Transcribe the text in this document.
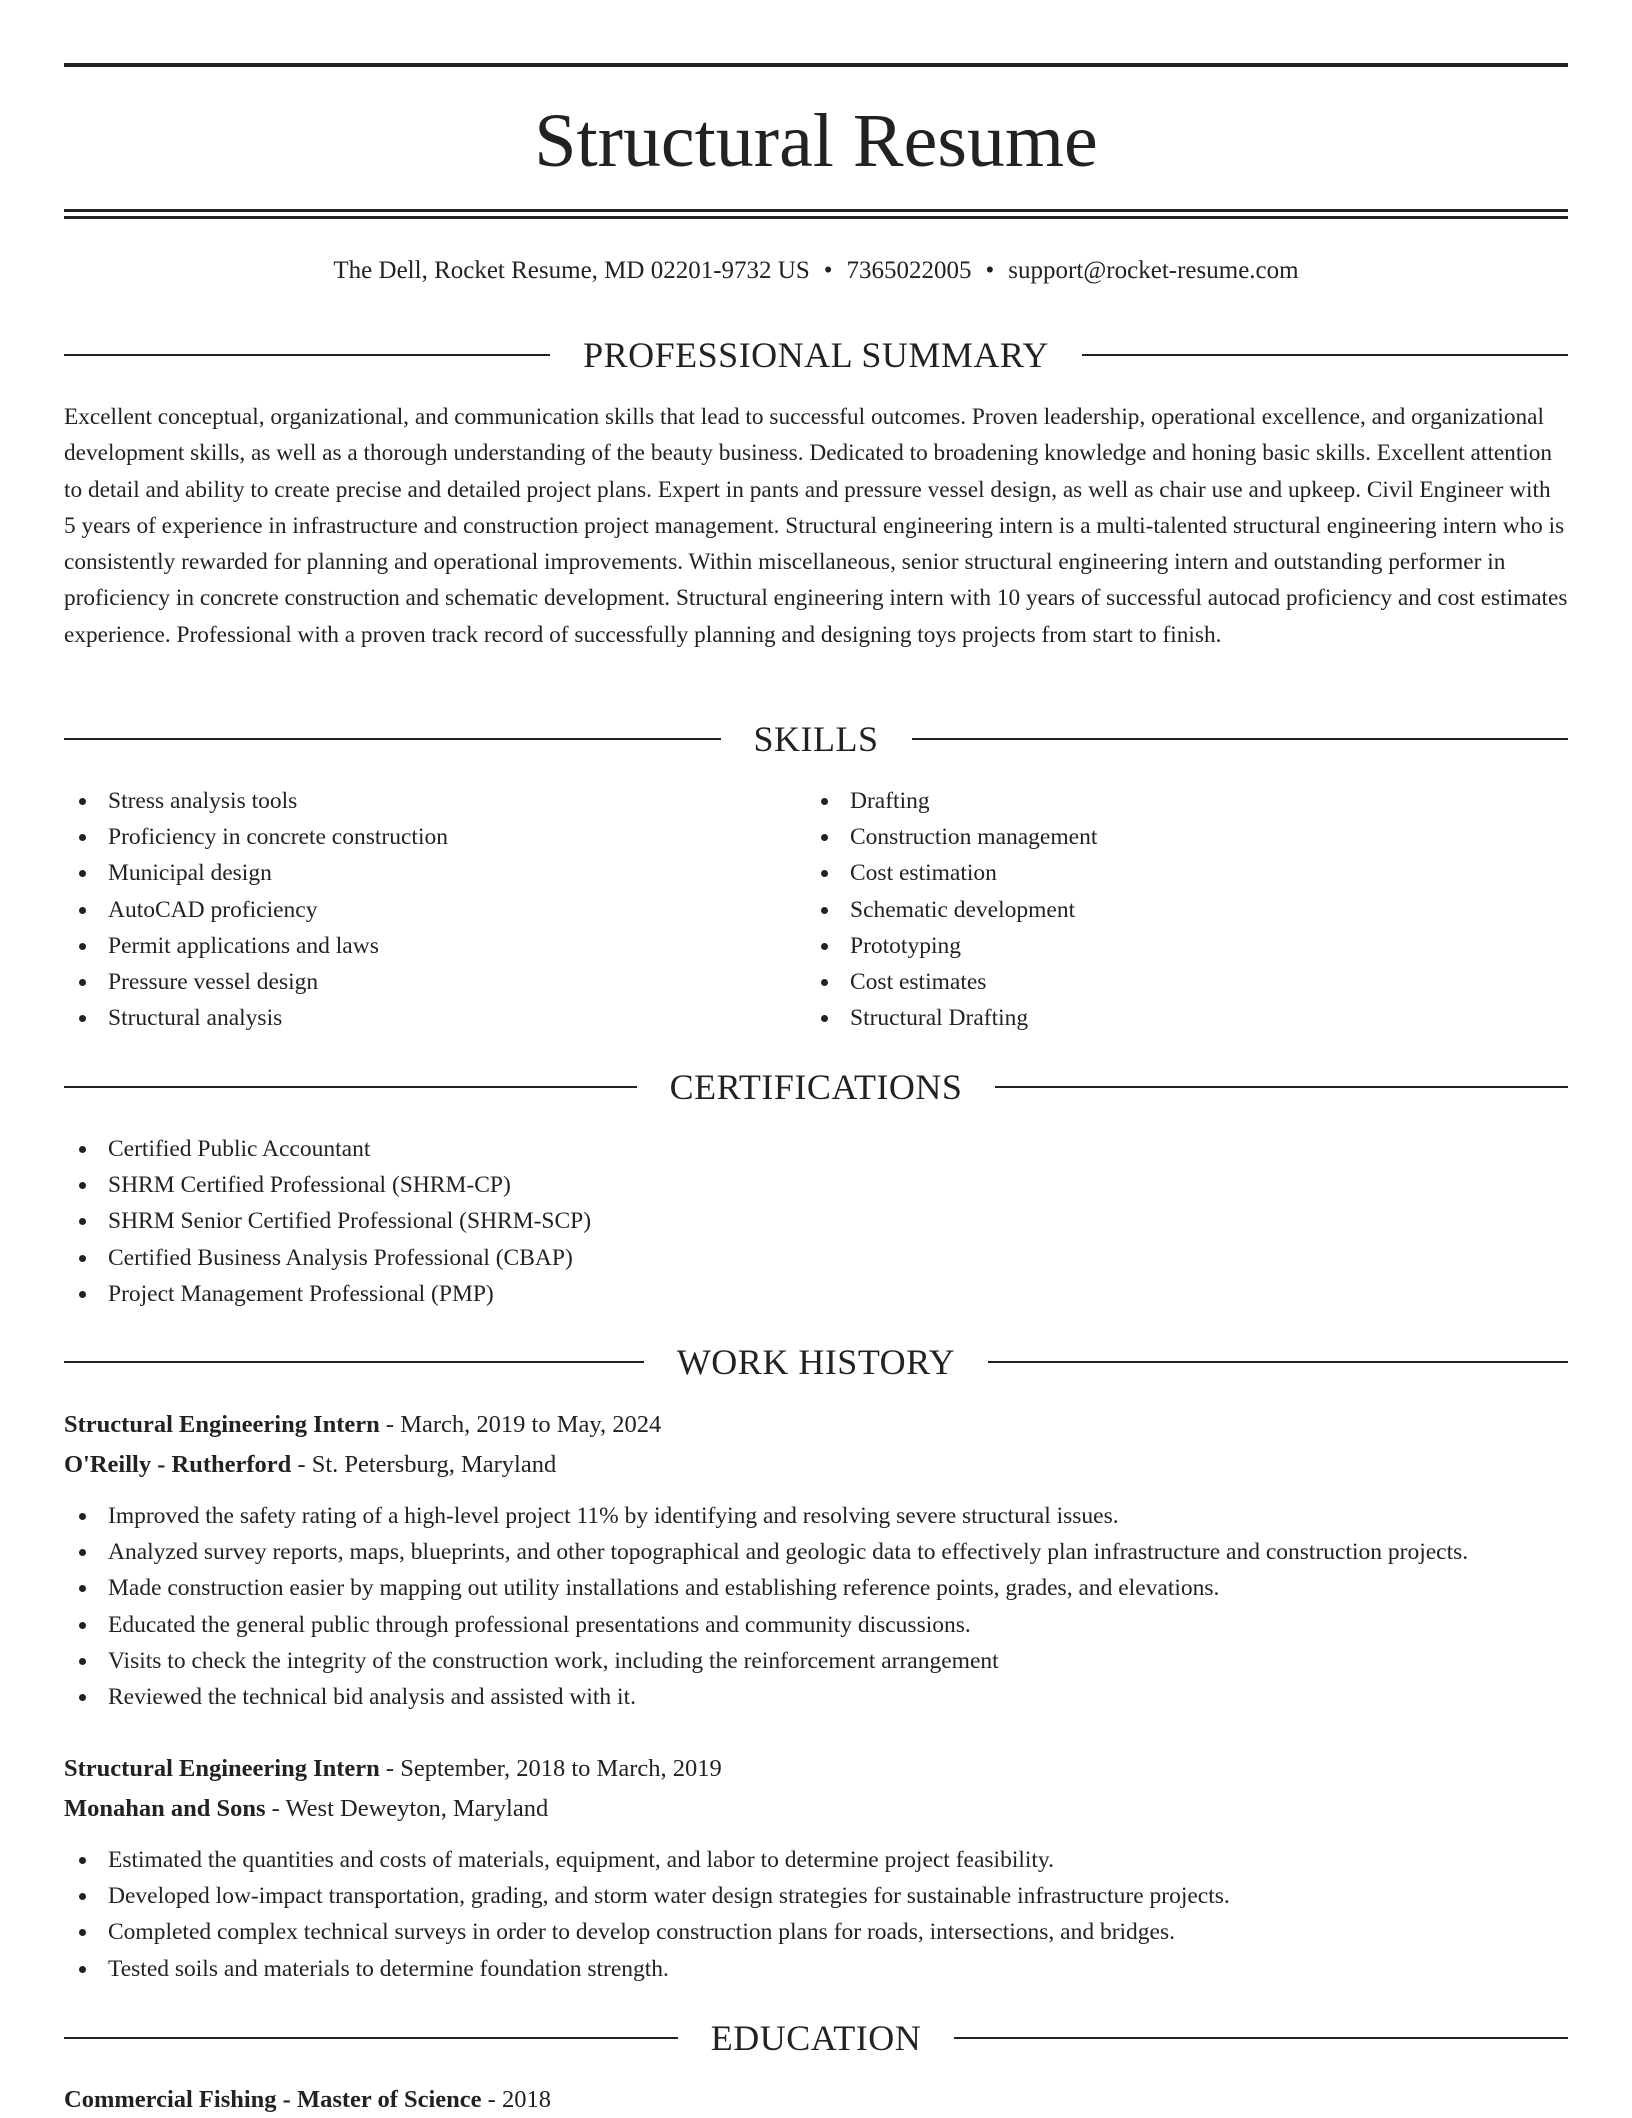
Structural Resume
The Dell, Rocket Resume, MD 02201-9732 US • 7365022005 • support@rocket-resume.com
PROFESSIONAL SUMMARY

Excellent conceptual, organizational, and communication skills that lead to successful outcomes. Proven leadership, operational excellence, and organizational development skills, as well as a thorough understanding of the beauty business. Dedicated to broadening knowledge and honing basic skills. Excellent attention to detail and ability to create precise and detailed project plans. Expert in pants and pressure vessel design, as well as chair use and upkeep. Civil Engineer with 5 years of experience in infrastructure and construction project management. Structural engineering intern is a multi-talented structural engineering intern who is consistently rewarded for planning and operational improvements. Within miscellaneous, senior structural engineering intern and outstanding performer in proficiency in concrete construction and schematic development. Structural engineering intern with 10 years of successful autocad proficiency and cost estimates experience. Professional with a proven track record of successfully planning and designing toys projects from start to finish.

SKILLS
Stress analysis tools
Proficiency in concrete construction
Municipal design
AutoCAD proficiency
Permit applications and laws
Pressure vessel design
Structural analysis
Drafting
Construction management
Cost estimation
Schematic development
Prototyping
Cost estimates
Structural Drafting
CERTIFICATIONS
Certified Public Accountant
SHRM Certified Professional (SHRM-CP)
SHRM Senior Certified Professional (SHRM-SCP)
Certified Business Analysis Professional (CBAP)
Project Management Professional (PMP)
WORK HISTORY
Structural Engineering Intern - March, 2019 to May, 2024
O'Reilly - Rutherford - St. Petersburg, Maryland
Improved the safety rating of a high-level project 11% by identifying and resolving severe structural issues.
Analyzed survey reports, maps, blueprints, and other topographical and geologic data to effectively plan infrastructure and construction projects.
Made construction easier by mapping out utility installations and establishing reference points, grades, and elevations.
Educated the general public through professional presentations and community discussions.
Visits to check the integrity of the construction work, including the reinforcement arrangement
Reviewed the technical bid analysis and assisted with it.
Structural Engineering Intern - September, 2018 to March, 2019
Monahan and Sons - West Deweyton, Maryland
Estimated the quantities and costs of materials, equipment, and labor to determine project feasibility.
Developed low-impact transportation, grading, and storm water design strategies for sustainable infrastructure projects.
Completed complex technical surveys in order to develop construction plans for roads, intersections, and bridges.
Tested soils and materials to determine foundation strength.
EDUCATION
Commercial Fishing - Master of Science - 2018
